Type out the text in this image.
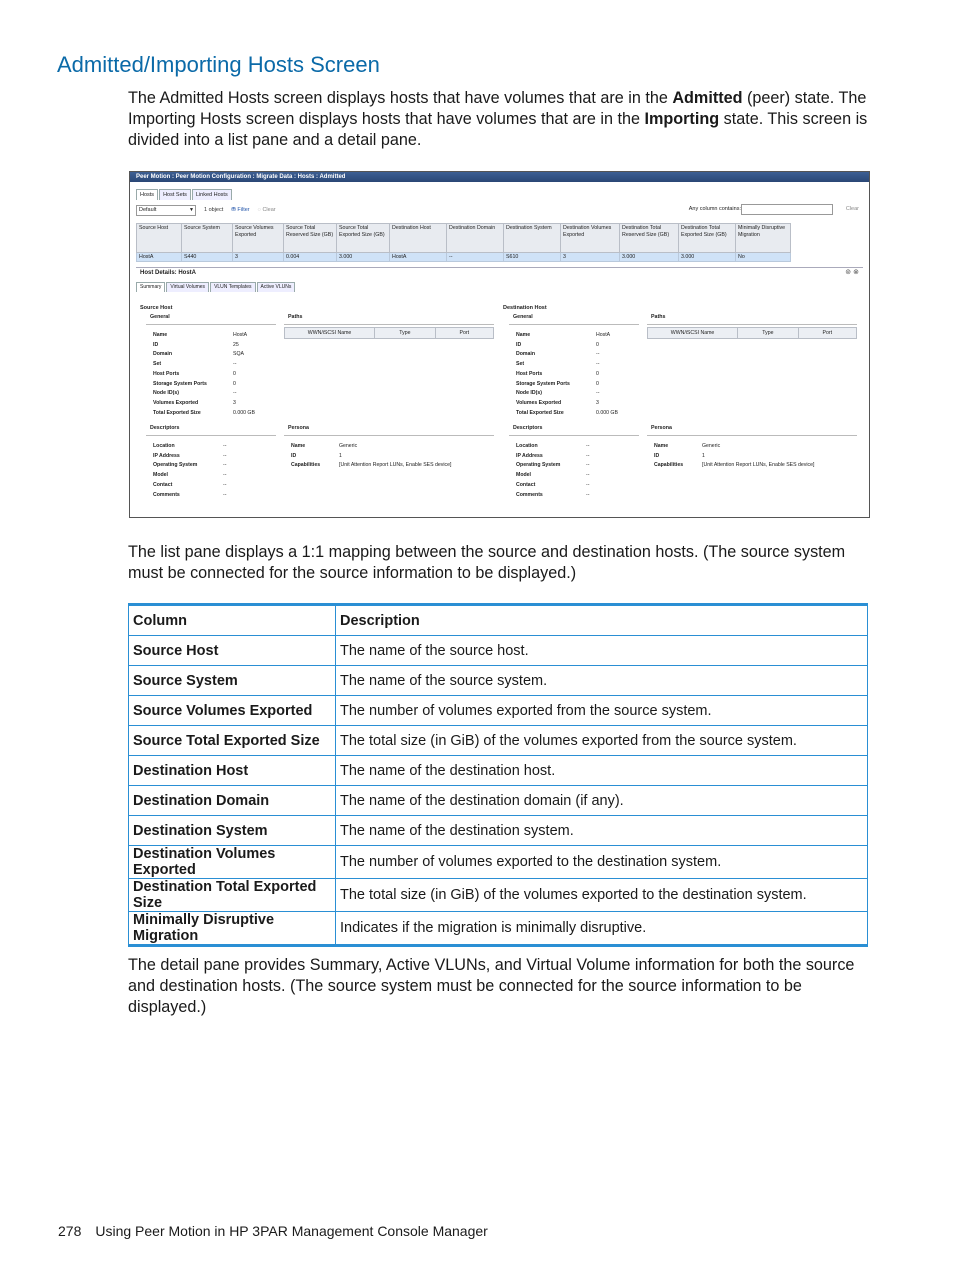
Admitted/Importing Hosts Screen

The Admitted Hosts screen displays hosts that have volumes that are in the Admitted (peer) state. The Importing Hosts screen displays hosts that have volumes that are in the Importing state. This screen is divided into a list pane and a detail pane.

Peer Motion : Peer Motion Configuration : Migrate Data : Hosts : Admitted
Hosts	Host Sets	Linked Hosts
Default	▼ 1 object ⛃ Filter ◌ Clear	Any column contains:	Clear
Source Host	Source System	Source Volumes Exported	Source Total Reserved Size (GB)	Source Total Exported Size (GB)	Destination Host	Destination Domain	Destination System	Destination Volumes Exported	Destination Total Reserved Size (GB)	Destination Total Exported Size (GB)	Minimally Disruptive Migration
HostA	S440	3	0.004	3.000	HostA	--	S610	3	3.000	3.000	No
Host Details: HostA	⊚ ⊗
Summary	Virtual Volumes	VLUN Templates	Active VLUNs
Source Host
General	Paths
WWN/iSCSI Name	Type	Port
Name	HostA
ID	25
Domain	SQA
Set	--
Host Ports	0
Storage System Ports	0
Node ID(s)	--
Volumes Exported	3
Total Exported Size	0.000 GB
Descriptors
Location	--
IP Address	--
Operating System	--
Model	--
Contact	--
Comments	--
Persona
Name	Generic
ID	1
Capabilities	[Unit Attention Report LUNs, Enable SES device]
Destination Host
General	Paths
WWN/iSCSI Name	Type	Port
Name	HostA
ID	0
Domain	--
Set	--
Host Ports	0
Storage System Ports	0
Node ID(s)	--
Volumes Exported	3
Total Exported Size	0.000 GB
Descriptors
Location	--
IP Address	--
Operating System	--
Model	--
Contact	--
Comments	--
Persona
Name	Generic
ID	1
Capabilities	[Unit Attention Report LUNs, Enable SES device]

The list pane displays a 1:1 mapping between the source and destination hosts. (The source system must be connected for the source information to be displayed.)

Column	Description
Source Host	The name of the source host.
Source System	The name of the source system.
Source Volumes Exported	The number of volumes exported from the source system.
Source Total Exported Size	The total size (in GiB) of the volumes exported from the source system.
Destination Host	The name of the destination host.
Destination Domain	The name of the destination domain (if any).
Destination System	The name of the destination system.
Destination Volumes Exported	The number of volumes exported to the destination system.
Destination Total Exported Size	The total size (in GiB) of the volumes exported to the destination system.
Minimally Disruptive Migration	Indicates if the migration is minimally disruptive.

The detail pane provides Summary, Active VLUNs, and Virtual Volume information for both the source and destination hosts. (The source system must be connected for the source information to be displayed.)

278 Using Peer Motion in HP 3PAR Management Console Manager
